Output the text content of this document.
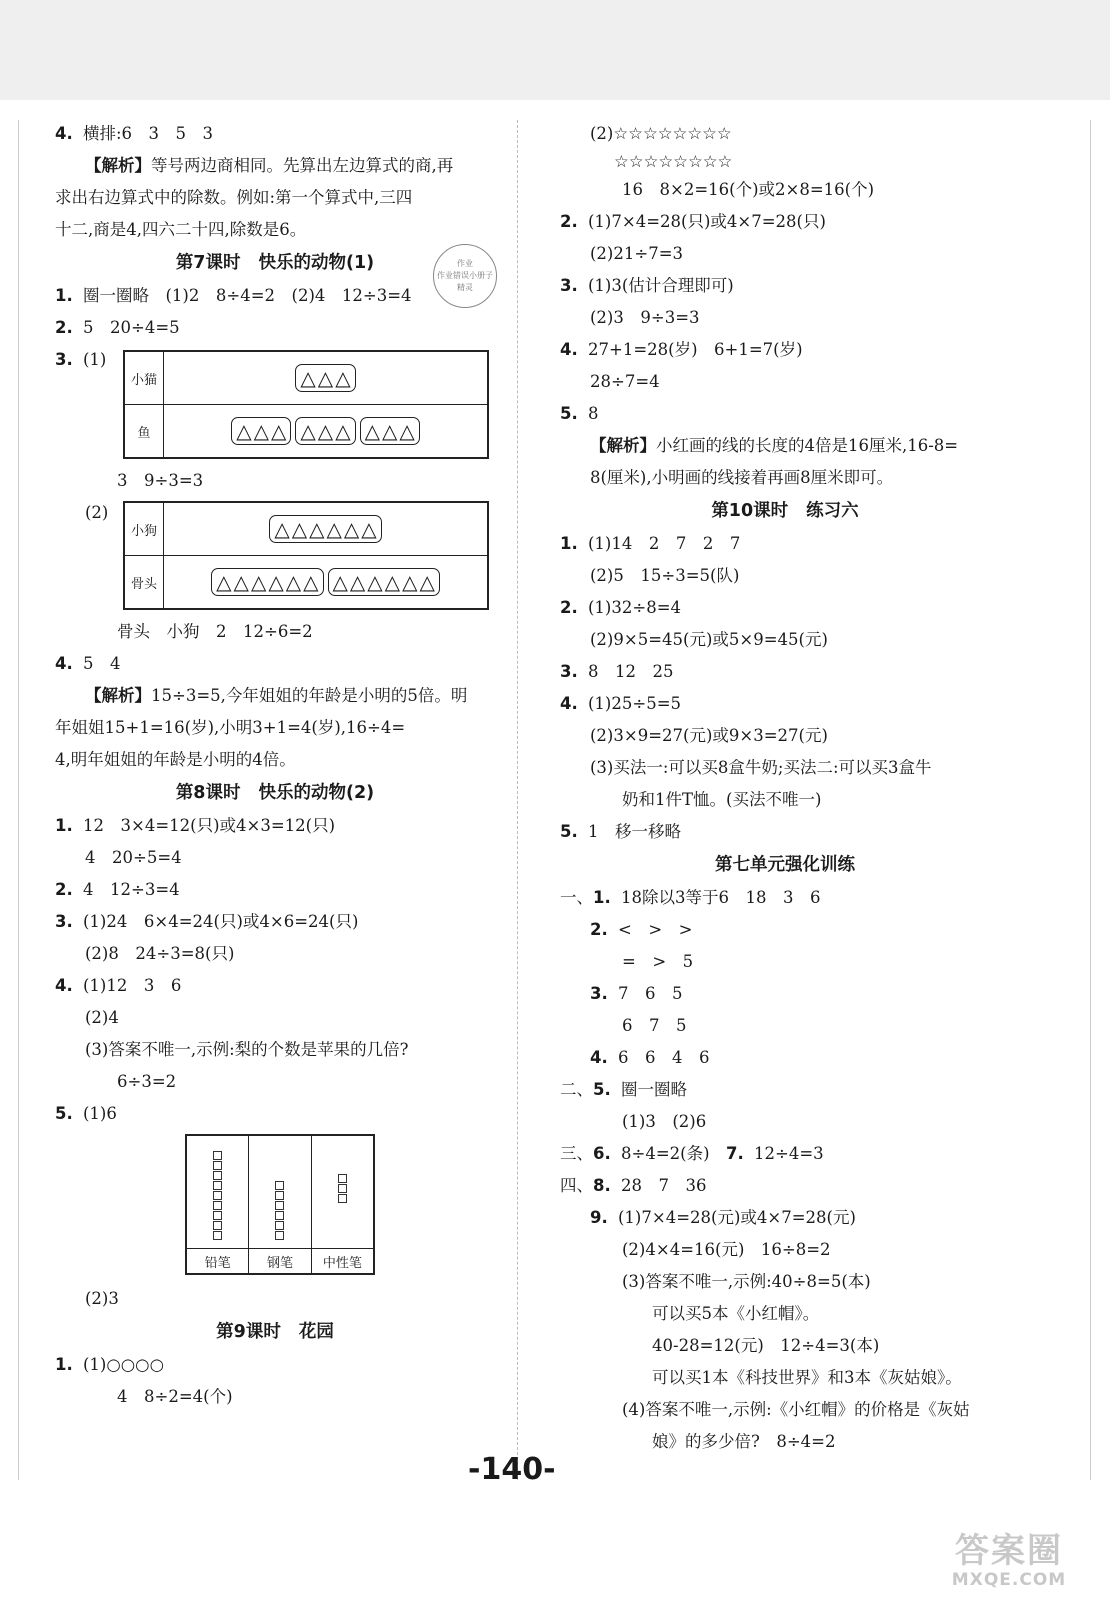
作业
作业错误小册子
精灵
4. 横排:6　3　5　3
【解析】等号两边商相同。先算出左边算式的商,再
求出右边算式中的除数。例如:第一个算式中,三四
十二,商是4,四六二十四,除数是6。
第7课时 快乐的动物(1)
1. 圈一圈略　(1)2　8÷4=2　(2)4　12÷3=4
2. 5　20÷4=5
3. (1)
小猫	△ △ △
鱼	△ △ △ △ △ △ △ △ △
3　9÷3=3
(2)
小狗	△ △ △ △ △ △
骨头	△ △ △ △ △ △ △ △ △ △ △ △
骨头　小狗　2　12÷6=2
4. 5　4
【解析】15÷3=5,今年姐姐的年龄是小明的5倍。明
年姐姐15+1=16(岁),小明3+1=4(岁),16÷4=
4,明年姐姐的年龄是小明的4倍。
第8课时 快乐的动物(2)
1. 12　3×4=12(只)或4×3=12(只)
4　20÷5=4
2. 4　12÷3=4
3. (1)24　6×4=24(只)或4×6=24(只)
(2)8　24÷3=8(只)
4. (1)12　3　6
(2)4
(3)答案不唯一,示例:梨的个数是苹果的几倍?
6÷3=2
5. (1)6
铅笔	钢笔	中性笔
(2)3
第9课时 花园
1. (1)○○○○
4　8÷2=4(个)
(2)☆☆☆☆☆☆☆☆
☆☆☆☆☆☆☆☆
16　8×2=16(个)或2×8=16(个)
2. (1)7×4=28(只)或4×7=28(只)
(2)21÷7=3
3. (1)3(估计合理即可)
(2)3　9÷3=3
4. 27+1=28(岁)　6+1=7(岁)
28÷7=4
5. 8
【解析】小红画的线的长度的4倍是16厘米,16-8=
8(厘米),小明画的线接着再画8厘米即可。
第10课时 练习六
1. (1)14　2　7　2　7
(2)5　15÷3=5(队)
2. (1)32÷8=4
(2)9×5=45(元)或5×9=45(元)
3. 8　12　25
4. (1)25÷5=5
(2)3×9=27(元)或9×3=27(元)
(3)买法一:可以买8盒牛奶;买法二:可以买3盒牛
奶和1件T恤。(买法不唯一)
5. 1　移一移略
第七单元强化训练
一、1. 18除以3等于6　18　3　6
2. <　>　>
=　>　5
3. 7　6　5
6　7　5
4. 6　6　4　6
二、5. 圈一圈略
(1)3　(2)6
三、6. 8÷4=2(条)　 7. 12÷4=3
四、8. 28　7　36
9. (1)7×4=28(元)或4×7=28(元)
(2)4×4=16(元)　16÷8=2
(3)答案不唯一,示例:40÷8=5(本)
可以买5本《小红帽》。
40-28=12(元)　12÷4=3(本)
可以买1本《科技世界》和3本《灰姑娘》。
(4)答案不唯一,示例:《小红帽》的价格是《灰姑
娘》的多少倍?　8÷4=2
-140-
答案圈
MXQE.COM
